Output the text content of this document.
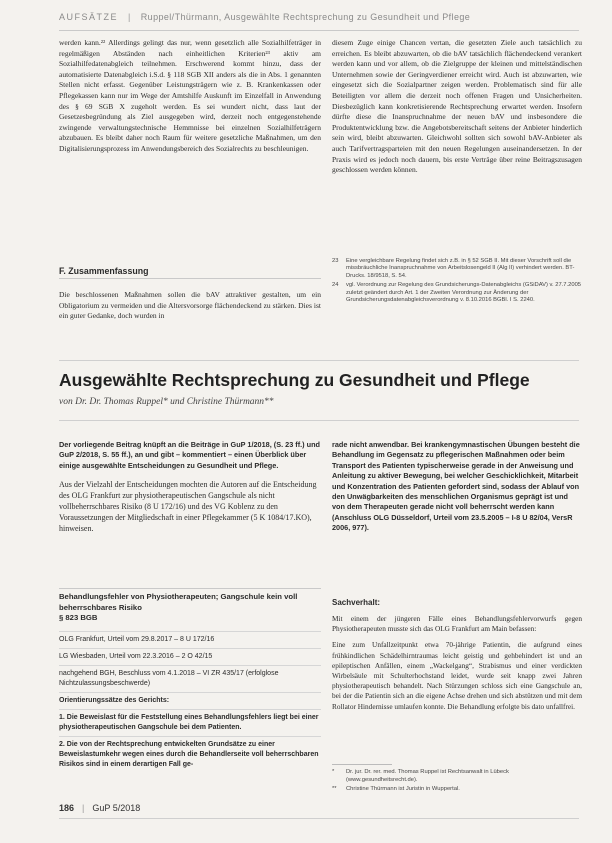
AUFSÄTZE | Ruppel/Thürmann, Ausgewählte Rechtsprechung zu Gesundheit und Pflege

werden kann.²² Allerdings gelingt das nur, wenn gesetzlich alle Sozialhilfeträger in regelmäßigen Abständen nach einheitlichen Kriterien²³ aktiv am Sozialhilfedatenabgleich teilnehmen. Erschwerend kommt hinzu, dass der automatisierte Datenabgleich i.S.d. § 118 SGB XII anders als die in Abs. 1 genannten Stellen nicht erfasst. Gegenüber Leistungsträgern wie z. B. Krankenkassen oder Pflegekassen kann nur im Wege der Amtshilfe Auskunft im Einzelfall in Anwendung des § 69 SGB X zugeholt werden. Es sei wundert nicht, dass laut der Gesetzesbegründung als Ziel ausgegeben wird, derzeit noch entgegenstehende zwingende verwaltungstechnische Hemmnisse bei einzelnen Sozialhilfeträgern abzubauen. Es bleibt daher noch Raum für weitere gesetzliche Maßnahmen, um den Digitalisierungsprozess im Anwendungsbereich des Sozialrechts zu beschleunigen.

F. Zusammenfassung

Die beschlossenen Maßnahmen sollen die bAV attraktiver gestalten, um ein Obligatorium zu vermeiden und die Altersvorsorge flächendeckend zu stärken. Dies ist ein guter Gedanke, doch wurden in

diesem Zuge einige Chancen vertan, die gesetzten Ziele auch tatsächlich zu erreichen. Es bleibt abzuwarten, ob die bAV tatsächlich flächendeckend verankert werden kann und vor allem, ob die Zielgruppe der kleinen und mittelständischen Unternehmen sowie der Geringverdiener erreicht wird. Auch ist abzuwarten, wie eingesetzt sich die Sozialpartner zeigen werden. Problematisch sind für alle Beteiligten vor allem die derzeit noch offenen Fragen und Unsicherheiten. Diesbezüglich kann konkretisierende Rechtsprechung erwartet werden. Insofern dürfte diese die Inanspruchnahme der neuen bAV und insbesondere die Produktentwicklung bzw. die Angebotsbereitschaft seitens der Anbieter hinderlich sein wird, bleibt abzuwarten. Gleichwohl sollten sich sowohl bAV-Anbieter als auch Tarifvertragsparteien mit den neuen Regelungen auseinandersetzen. In der Praxis wird es jedoch noch dauern, bis erste Verträge über reine Beitragszusagen geschlossen werden können.

23	Eine vergleichbare Regelung findet sich z.B. in § 52 SGB II. Mit dieser Vorschrift soll die missbräuchliche Inanspruchnahme von Arbeitslosengeld II (Alg II) verhindert werden. BT-Drucks. 18/9518, S. 54.
24	vgl. Verordnung zur Regelung des Grundsicherungs-Datenabgleichs (GSiDAV) v. 27.7.2005 zuletzt geändert durch Art. 1 der Zweiten Verordnung zur Änderung der Grundsicherungsdatenabgleichsverordnung v. 8.10.2016 BGBl. I S. 2240.
Ausgewählte Rechtsprechung zu Gesundheit und Pflege
von Dr. Dr. Thomas Ruppel* und Christine Thürmann**

Der vorliegende Beitrag knüpft an die Beiträge in GuP 1/2018, (S. 23 ff.) und GuP 2/2018, S. 55 ff.), an und gibt – kommentiert – einen Überblick über einige ausgewählte Entscheidungen zu Gesundheit und Pflege.

Aus der Vielzahl der Entscheidungen mochten die Autoren auf die Entscheidung des OLG Frankfurt zur physiotherapeutischen Gangschule als nicht vollbeherrschbares Risiko (8 U 172/16) und des VG Koblenz zu den Voraussetzungen der Mitgliedschaft in einer Pflegekammer (5 K 1084/17.KO), hinweisen.

rade nicht anwendbar. Bei krankengymnastischen Übungen besteht die Behandlung im Gegensatz zu pflegerischen Maßnahmen oder beim Transport des Patienten typischerweise gerade in der Anweisung und Anleitung zu aktiver Bewegung, bei welcher Geschicklichkeit, Mitarbeit und Konzentration des Patienten gefordert sind, sodass der Ablauf von den Unwägbarkeiten des menschlichen Organismus geprägt ist und von dem Therapeuten gerade nicht voll beherrscht werden kann (Anschluss OLG Düsseldorf, Urteil vom 23.5.2005 – I-8 U 82/04, VersR 2006, 977).

Behandlungsfehler von Physiotherapeuten; Gangschule kein voll beherrschbares Risiko
§ 823 BGB

OLG Frankfurt, Urteil vom 29.8.2017 – 8 U 172/16

LG Wiesbaden, Urteil vom 22.3.2016 – 2 O 42/15

nachgehend BGH, Beschluss vom 4.1.2018 – VI ZR 435/17 (erfolglose Nichtzulassungsbeschwerde)

Orientierungssätze des Gerichts:

1. Die Beweislast für die Feststellung eines Behandlungsfehlers liegt bei einer physiotherapeutischen Gangschule bei dem Patienten.

2. Die von der Rechtsprechung entwickelten Grundsätze zu einer Beweislastumkehr wegen eines durch die Behandlerseite voll beherrschbaren Risikos sind in einem derartigen Fall ge-

Sachverhalt:

Mit einem der jüngeren Fälle eines Behandlungsfehlervorwurfs gegen Physiotherapeuten musste sich das OLG Frankfurt am Main befassen:

Eine zum Unfallzeitpunkt etwa 70-jährige Patientin, die aufgrund eines frühkindlichen Schädelhirntraumas leicht geistig und gehbehindert ist und an epileptischen Anfällen, einem „Wackelgang“, Strabismus und einer verdickten Wirbelsäule mit Schulterhochstand leidet, wurde seit knapp zwei Jahren physiotherapeutisch behandelt. Nach Stürzungen schloss sich eine Gangschule an, bei der die Patientin sich an die eigene Achse drehen und sich abstützen und mit dem Rollator Hindernisse umlaufen konnte. Die Behandlung erfolgte bis dato unfallfrei.

*	Dr. jur. Dr. rer. med. Thomas Ruppel ist Rechtsanwalt in Lübeck (www.gesundheitsrecht.de).
**	Christine Thürmann ist Juristin in Wuppertal.
186 | GuP 5/2018
